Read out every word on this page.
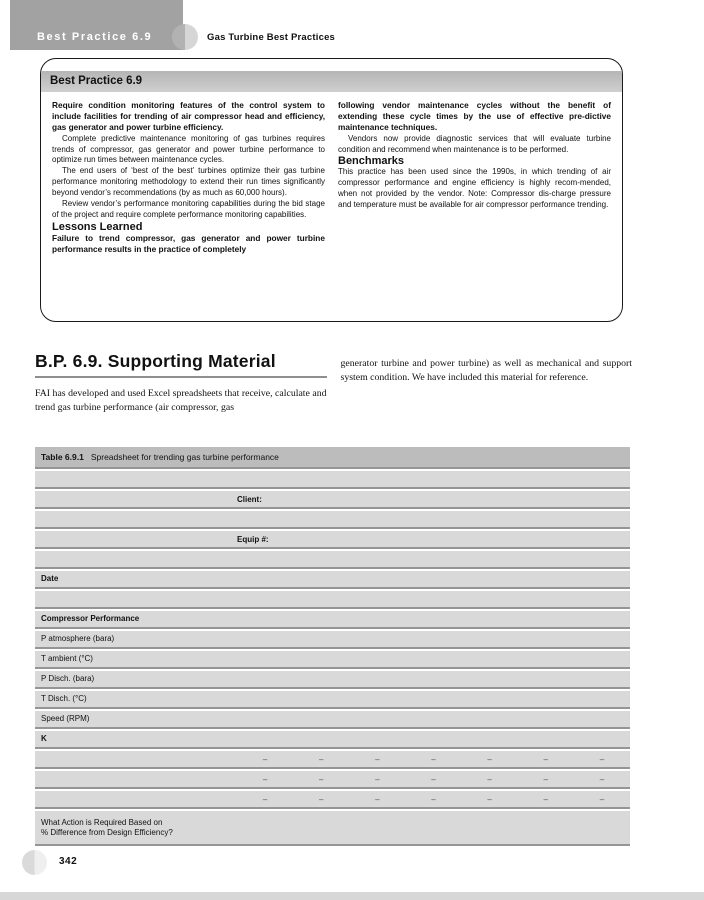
Best Practice 6.9	Gas Turbine Best Practices
Best Practice 6.9

Require condition monitoring features of the control system to include facilities for trending of air compressor head and efficiency, gas generator and power turbine efficiency.

Complete predictive maintenance monitoring of gas turbines requires trends of compressor, gas generator and power turbine performance to optimize run times between maintenance cycles.

The end users of ‘best of the best’ turbines optimize their gas turbine performance monitoring methodology to extend their run times significantly beyond vendor’s recommendations (by as much as 60,000 hours).

Review vendor’s performance monitoring capabilities during the bid stage of the project and require complete performance monitoring capabilities.

Lessons Learned

Failure to trend compressor, gas generator and power turbine performance results in the practice of completely

following vendor maintenance cycles without the benefit of extending these cycle times by the use of effective pre-dictive maintenance techniques.

Vendors now provide diagnostic services that will evaluate turbine condition and recommend when maintenance is to be performed.

Benchmarks

This practice has been used since the 1990s, in which trending of air compressor performance and engine efficiency is highly recom-mended, when not provided by the vendor. Note: Compressor dis-charge pressure and temperature must be available for air compressor performance trending.

B.P. 6.9. Supporting Material

FAI has developed and used Excel spreadsheets that receive, calculate and trend gas turbine performance (air compressor, gas

generator turbine and power turbine) as well as mechanical and support system condition. We have included this material for reference.

Table 6.9.1 Spreadsheet for trending gas turbine performance
Client:
Equip #:
Date
Compressor Performance
P atmosphere (bara)
T ambient (°C)
P Disch. (bara)
T Disch. (°C)
Speed (RPM)
K
–	–	–	–	–	–	–
–	–	–	–	–	–	–
–	–	–	–	–	–	–
What Action is Required Based on
% Difference from Design Efficiency?
342
